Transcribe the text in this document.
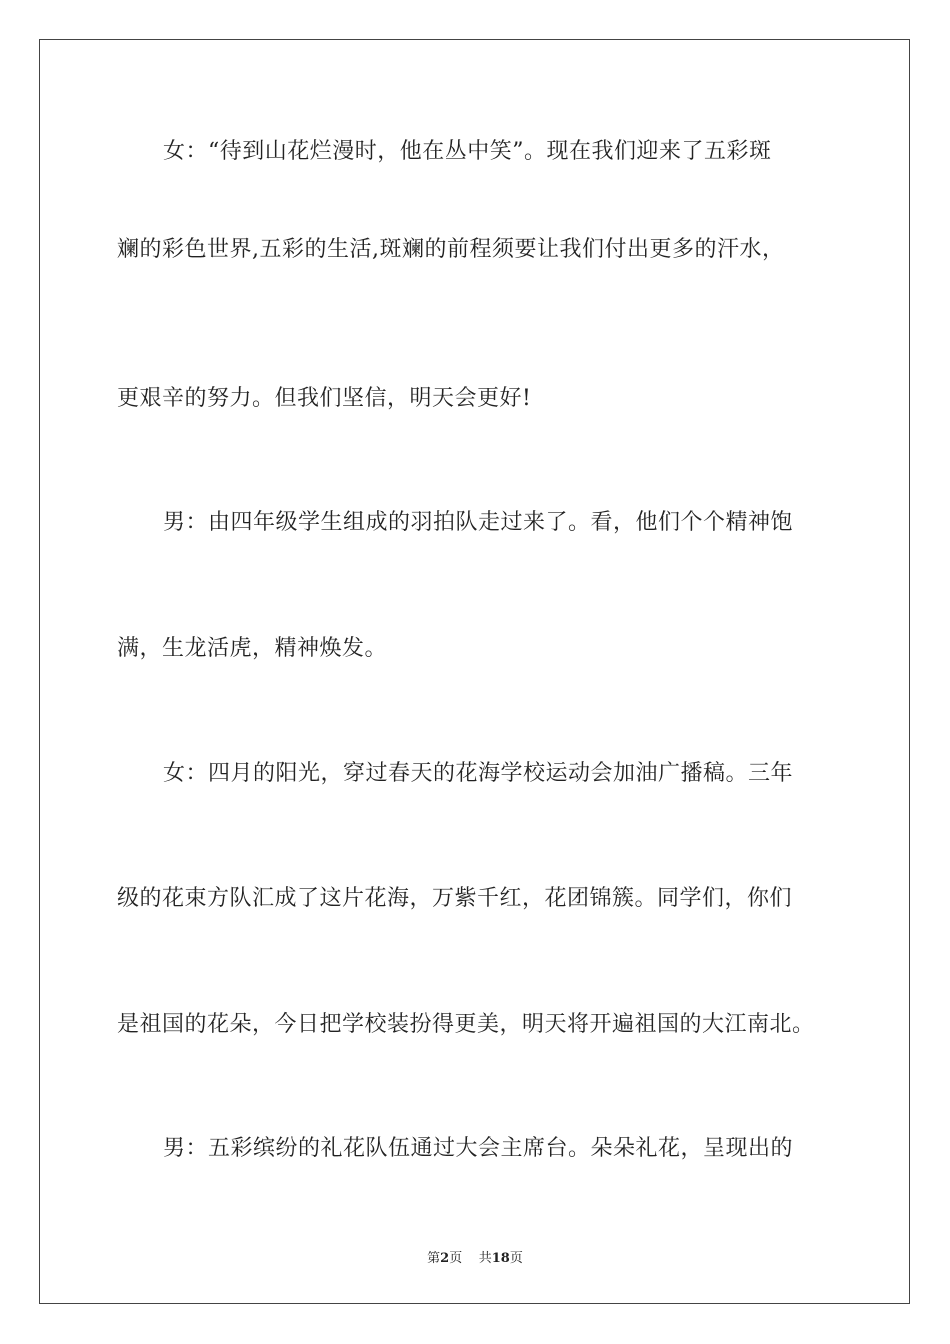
女：“待到山花烂漫时，他在丛中笑”。现在我们迎来了五彩斑
斓的彩色世界,五彩的生活,斑斓的前程须要让我们付出更多的汗水，
更艰辛的努力。但我们坚信，明天会更好!
男：由四年级学生组成的羽拍队走过来了。看，他们个个精神饱
满，生龙活虎，精神焕发。
女：四月的阳光，穿过春天的花海学校运动会加油广播稿。三年
级的花束方队汇成了这片花海，万紫千红，花团锦簇。同学们，你们
是祖国的花朵，今日把学校装扮得更美，明天将开遍祖国的大江南北。
男：五彩缤纷的礼花队伍通过大会主席台。朵朵礼花，呈现出的
第2页 共18页
